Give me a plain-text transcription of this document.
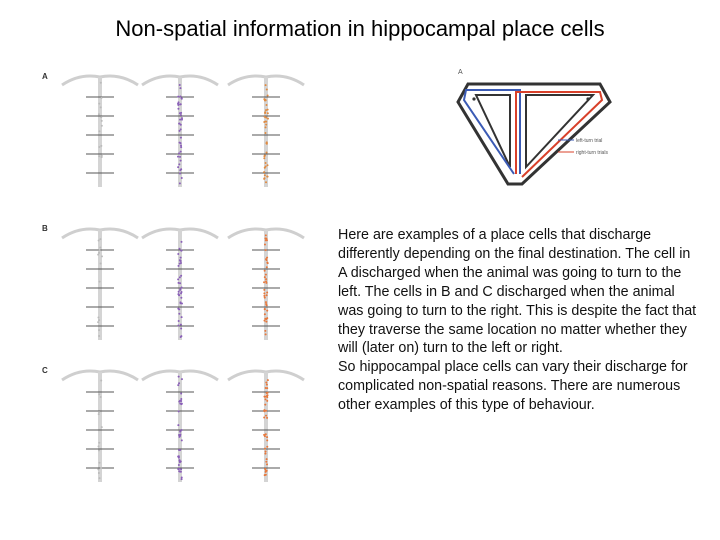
Non-spatial information in hippocampal place cells
A
B
C
A
left-turn trial
right-turn trials

Here are examples of a place cells that discharge differently depending on the final destination. The cell in A discharged when the animal was going to turn to the left. The cells in B and C discharged when the animal was going to turn to the right. This is despite the fact that they traverse the same location no matter whether they will (later on) turn to the left or right.

So hippocampal place cells can vary their discharge for complicated non-spatial reasons. There are numerous other examples of this type of behaviour.
